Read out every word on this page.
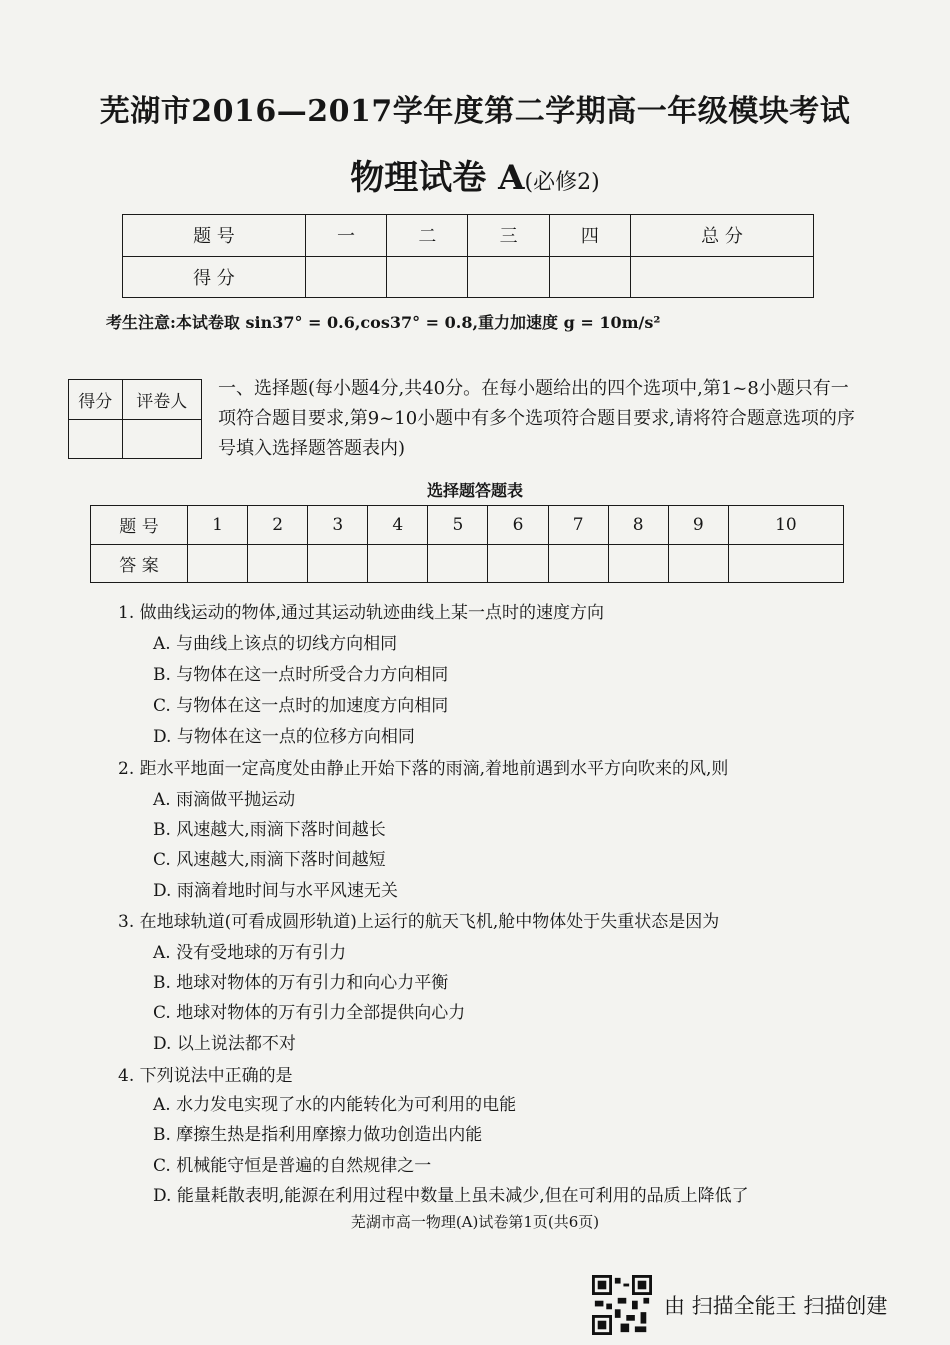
芜湖市2016—2017学年度第二学期高一年级模块考试
物理试卷 A(必修2)
题 号	一	二	三	四	总 分
得 分					
考生注意:本试卷取 sin37° = 0.6,cos37° = 0.8,重力加速度 g = 10m/s²
得分	评卷人

一、选择题(每小题4分,共40分。在每小题给出的四个选项中,第1~8小题只有一项符合题目要求,第9~10小题中有多个选项符合题目要求,请将符合题意选项的序号填入选择题答题表内)
选择题答题表
题 号	1	2	3	4	5	6	7	8	9	10
答 案										
1. 做曲线运动的物体,通过其运动轨迹曲线上某一点时的速度方向
A. 与曲线上该点的切线方向相同
B. 与物体在这一点时所受合力方向相同
C. 与物体在这一点时的加速度方向相同
D. 与物体在这一点的位移方向相同
2. 距水平地面一定高度处由静止开始下落的雨滴,着地前遇到水平方向吹来的风,则
A. 雨滴做平抛运动
B. 风速越大,雨滴下落时间越长
C. 风速越大,雨滴下落时间越短
D. 雨滴着地时间与水平风速无关
3. 在地球轨道(可看成圆形轨道)上运行的航天飞机,舱中物体处于失重状态是因为
A. 没有受地球的万有引力
B. 地球对物体的万有引力和向心力平衡
C. 地球对物体的万有引力全部提供向心力
D. 以上说法都不对
4. 下列说法中正确的是
A. 水力发电实现了水的内能转化为可利用的电能
B. 摩擦生热是指利用摩擦力做功创造出内能
C. 机械能守恒是普遍的自然规律之一
D. 能量耗散表明,能源在利用过程中数量上虽未减少,但在可利用的品质上降低了
芜湖市高一物理(A)试卷第1页(共6页)
由 扫描全能王 扫描创建
